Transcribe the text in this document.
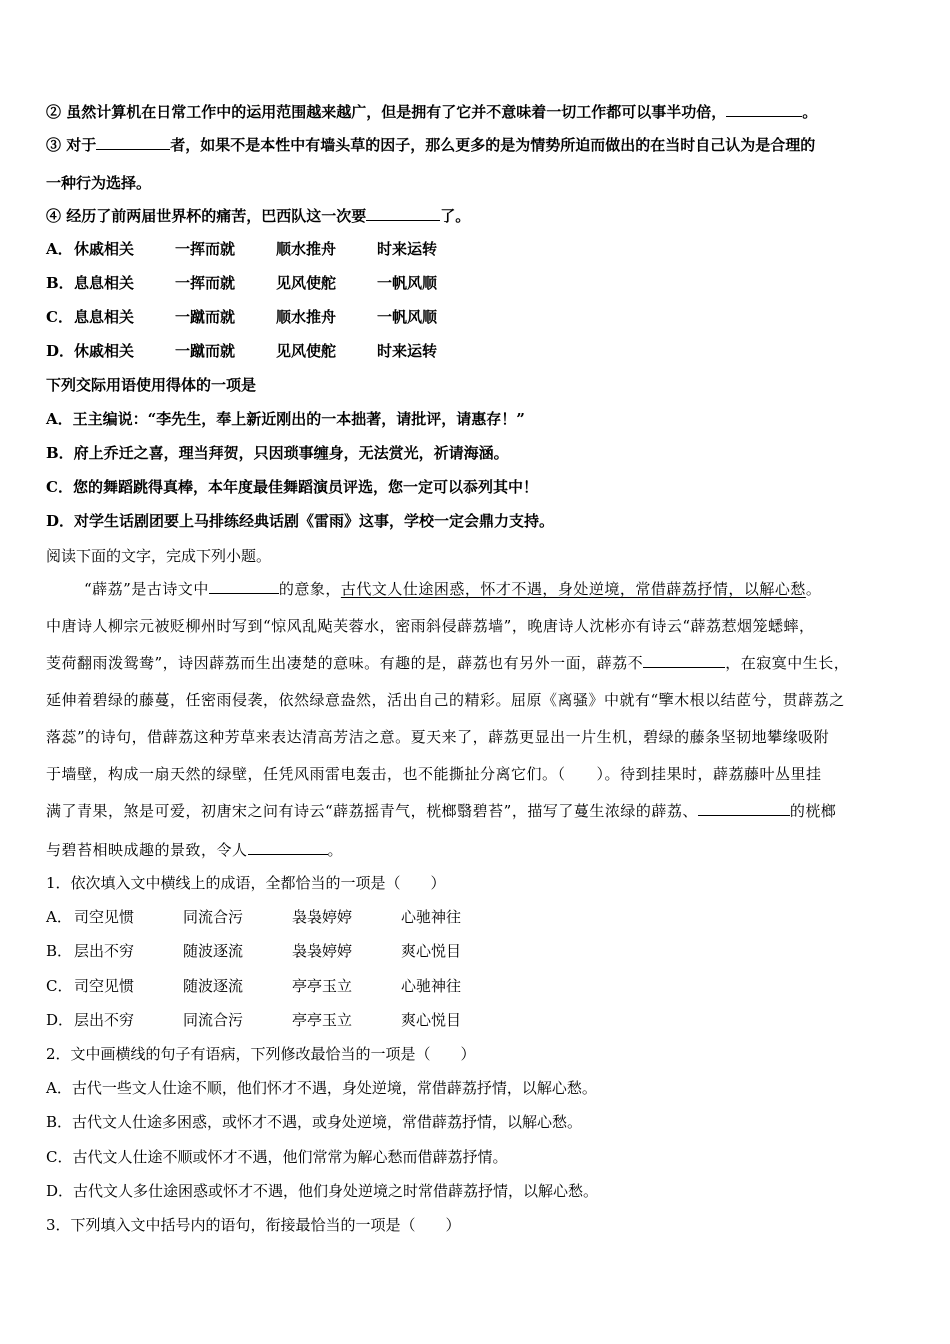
② 虽然计算机在日常工作中的运用范围越来越广，但是拥有了它并不意味着一切工作都可以事半功倍，	。
③ 对于	者，如果不是本性中有墙头草的因子，那么更多的是为情势所迫而做出的在当时自己认为是合理的
一种行为选择。
④ 经历了前两届世界杯的痛苦，巴西队这一次要	了。
A．休戚相关	一挥而就	顺水推舟	时来运转
B．息息相关	一挥而就	见风使舵	一帆风顺
C．息息相关	一蹴而就	顺水推舟	一帆风顺
D．休戚相关	一蹴而就	见风使舵	时来运转
下列交际用语使用得体的一项是
A．王主编说：“李先生，奉上新近刚出的一本拙著，请批评，请惠存！”
B．府上乔迁之喜，理当拜贺，只因琐事缠身，无法赏光，祈请海涵。
C．您的舞蹈跳得真棒，本年度最佳舞蹈演员评选，您一定可以忝列其中！
D．对学生话剧团要上马排练经典话剧《雷雨》这事，学校一定会鼎力支持。
阅读下面的文字，完成下列小题。
“薜荔”是古诗文中	的意象，古代文人仕途困惑，怀才不遇，身处逆境，常借薜荔抒情，以解心愁。
中唐诗人柳宗元被贬柳州时写到“惊风乱飐芙蓉水，密雨斜侵薜荔墙”，晚唐诗人沈彬亦有诗云“薜荔惹烟笼蟋蟀，
芰荷翻雨泼鸳鸯”，诗因薜荔而生出凄楚的意味。有趣的是，薜荔也有另外一面，薜荔不	，在寂寞中生长，
延伸着碧绿的藤蔓，任密雨侵袭，依然绿意盎然，活出自己的精彩。屈原《离骚》中就有“擥木根以结茝兮，贯薜荔之
落蕊”的诗句，借薜荔这种芳草来表达清高芳洁之意。夏天来了，薜荔更显出一片生机，碧绿的藤条坚韧地攀缘吸附
于墙壁，构成一扇天然的绿壁，任凭风雨雷电轰击，也不能撕扯分离它们。（　　）。待到挂果时，薜荔藤叶丛里挂
满了青果，煞是可爱，初唐宋之问有诗云“薜荔摇青气，桄榔翳碧苔”，描写了蔓生浓绿的薜荔、	的桄榔
与碧苔相映成趣的景致，令人	。
1．依次填入文中横线上的成语，全都恰当的一项是（　　）
A． 司空见惯	同流合污	袅袅婷婷	心驰神往
B． 层出不穷	随波逐流	袅袅婷婷	爽心悦目
C． 司空见惯	随波逐流	亭亭玉立	心驰神往
D．层出不穷	同流合污	亭亭玉立	爽心悦目
2．文中画横线的句子有语病，下列修改最恰当的一项是（　　）
A．古代一些文人仕途不顺，他们怀才不遇，身处逆境，常借薜荔抒情，以解心愁。
B．古代文人仕途多困惑，或怀才不遇，或身处逆境，常借薜荔抒情，以解心愁。
C．古代文人仕途不顺或怀才不遇，他们常常为解心愁而借薜荔抒情。
D．古代文人多仕途困惑或怀才不遇，他们身处逆境之时常借薜荔抒情，以解心愁。
3．下列填入文中括号内的语句，衔接最恰当的一项是（　　）
